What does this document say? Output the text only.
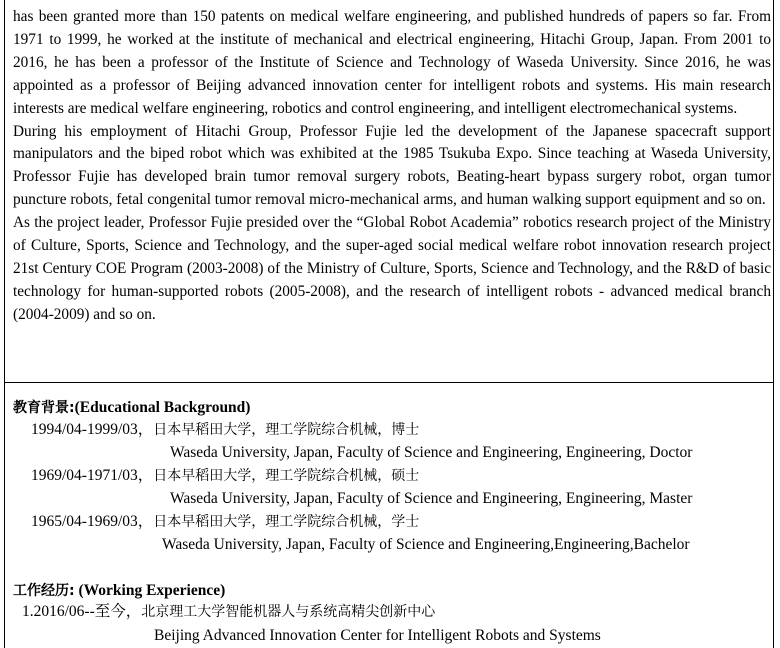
has been granted more than 150 patents on medical welfare engineering, and published hundreds of papers so far. From 1971 to 1999, he worked at the institute of mechanical and electrical engineering, Hitachi Group, Japan. From 2001 to 2016, he has been a professor of the Institute of Science and Technology of Waseda University. Since 2016, he was appointed as a professor of Beijing advanced innovation center for intelligent robots and systems. His main research interests are medical welfare engineering, robotics and control engineering, and intelligent electromechanical systems.

During his employment of Hitachi Group, Professor Fujie led the development of the Japanese spacecraft support manipulators and the biped robot which was exhibited at the 1985 Tsukuba Expo. Since teaching at Waseda University, Professor Fujie has developed brain tumor removal surgery robots, Beating-heart bypass surgery robot, organ tumor puncture robots, fetal congenital tumor removal micro-mechanical arms, and human walking support equipment and so on.

As the project leader, Professor Fujie presided over the “Global Robot Academia” robotics research project of the Ministry of Culture, Sports, Science and Technology, and the super-aged social medical welfare robot innovation research project 21st Century COE Program (2003-2008) of the Ministry of Culture, Sports, Science and Technology, and the R&D of basic technology for human-supported robots (2005-2008), and the research of intelligent robots - advanced medical branch (2004-2009) and so on.

教育背景:(Educational Background)
1994/04-1999/03，日本早稻田大学，理工学院综合机械，博士
Waseda University, Japan, Faculty of Science and Engineering, Engineering, Doctor
1969/04-1971/03，日本早稻田大学，理工学院综合机械，硕士
Waseda University, Japan, Faculty of Science and Engineering, Engineering, Master
1965/04-1969/03，日本早稻田大学，理工学院综合机械，学士
Waseda University, Japan, Faculty of Science and Engineering,Engineering,Bachelor
工作经历: (Working Experience)
1.2016/06--至今，北京理工大学智能机器人与系统高精尖创新中心
Beijing Advanced Innovation Center for Intelligent Robots and Systems
